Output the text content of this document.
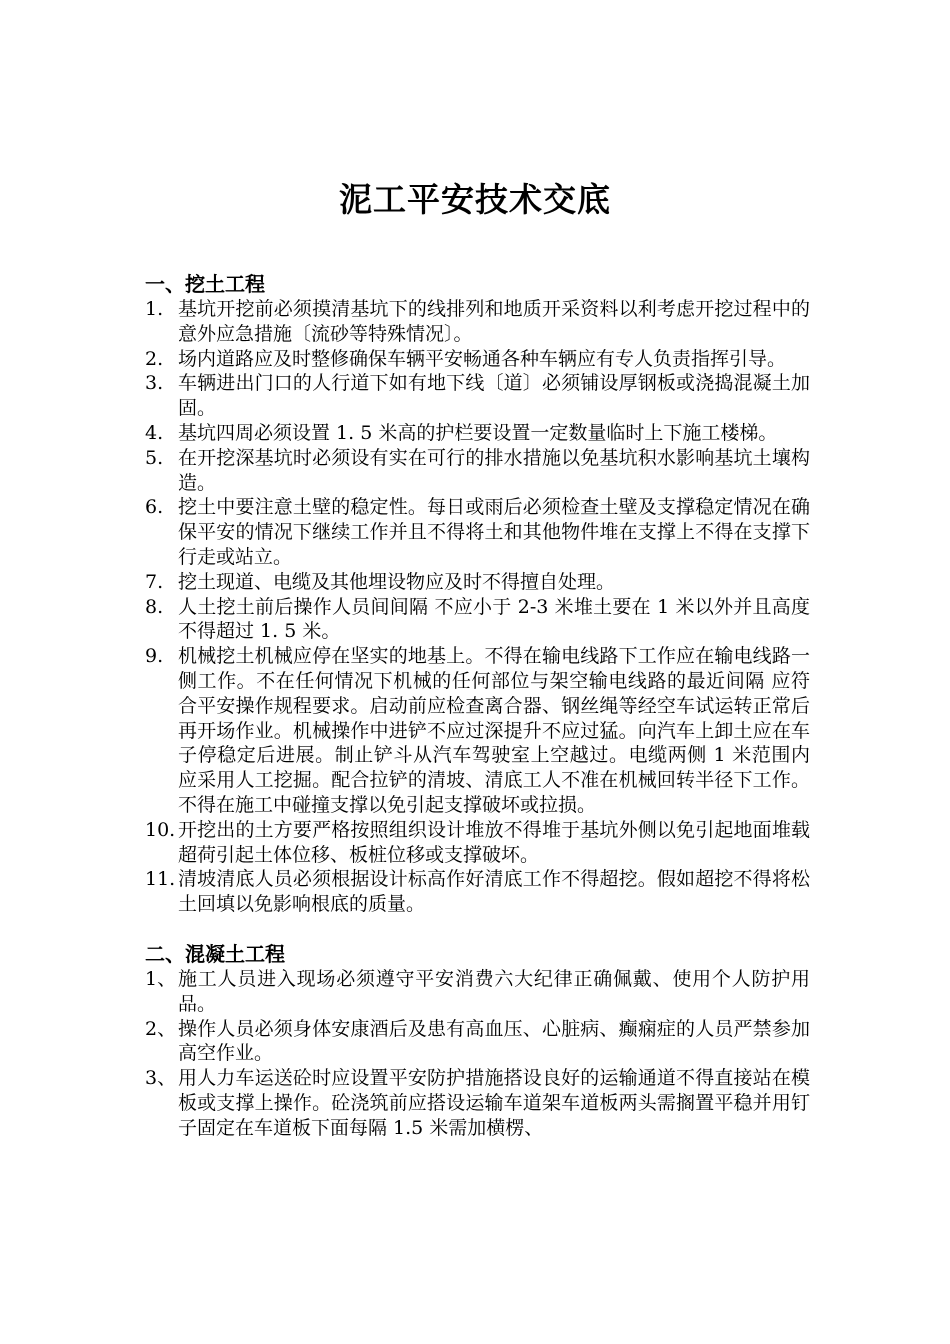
泥工平安技术交底
一、挖土工程
1. 基坑开挖前必须摸清基坑下的线排列和地质开采资料以利考虑开挖过程中的意外应急措施〔流砂等特殊情况〕。
2. 场内道路应及时整修确保车辆平安畅通各种车辆应有专人负责指挥引导。
3. 车辆进出门口的人行道下如有地下线〔道〕必须铺设厚钢板或浇捣混凝土加固。
4. 基坑四周必须设置 1. 5 米高的护栏要设置一定数量临时上下施工楼梯。
5. 在开挖深基坑时必须设有实在可行的排水措施以免基坑积水影响基坑土壤构造。
6. 挖土中要注意土壁的稳定性。每日或雨后必须检查土壁及支撑稳定情况在确保平安的情况下继续工作并且不得将土和其他物件堆在支撑上不得在支撑下行走或站立。
7. 挖土现道、电缆及其他埋设物应及时不得擅自处理。
8. 人土挖土前后操作人员间间隔 不应小于 2-3 米堆土要在 1 米以外并且高度不得超过 1. 5 米。
9. 机械挖土机械应停在坚实的地基上。不得在输电线路下工作应在输电线路一侧工作。不在任何情况下机械的任何部位与架空输电线路的最近间隔 应符合平安操作规程要求。启动前应检查离合器、钢丝绳等经空车试运转正常后再开场作业。机械操作中进铲不应过深提升不应过猛。向汽车上卸土应在车子停稳定后进展。制止铲斗从汽车驾驶室上空越过。电缆两侧 1 米范围内应采用人工挖掘。配合拉铲的清坡、清底工人不准在机械回转半径下工作。不得在施工中碰撞支撑以免引起支撑破坏或拉损。
10. 开挖出的土方要严格按照组织设计堆放不得堆于基坑外侧以免引起地面堆载超荷引起土体位移、板桩位移或支撑破坏。
11. 清坡清底人员必须根据设计标高作好清底工作不得超挖。假如超挖不得将松土回填以免影响根底的质量。
二、混凝土工程
1、 施工人员进入现场必须遵守平安消费六大纪律正确佩戴、使用个人防护用品。
2、 操作人员必须身体安康酒后及患有高血压、心脏病、癫痫症的人员严禁参加高空作业。
3、 用人力车运送砼时应设置平安防护措施搭设良好的运输通道不得直接站在模板或支撑上操作。砼浇筑前应搭设运输车道架车道板两头需搁置平稳并用钉子固定在车道板下面每隔 1.5 米需加横楞、
